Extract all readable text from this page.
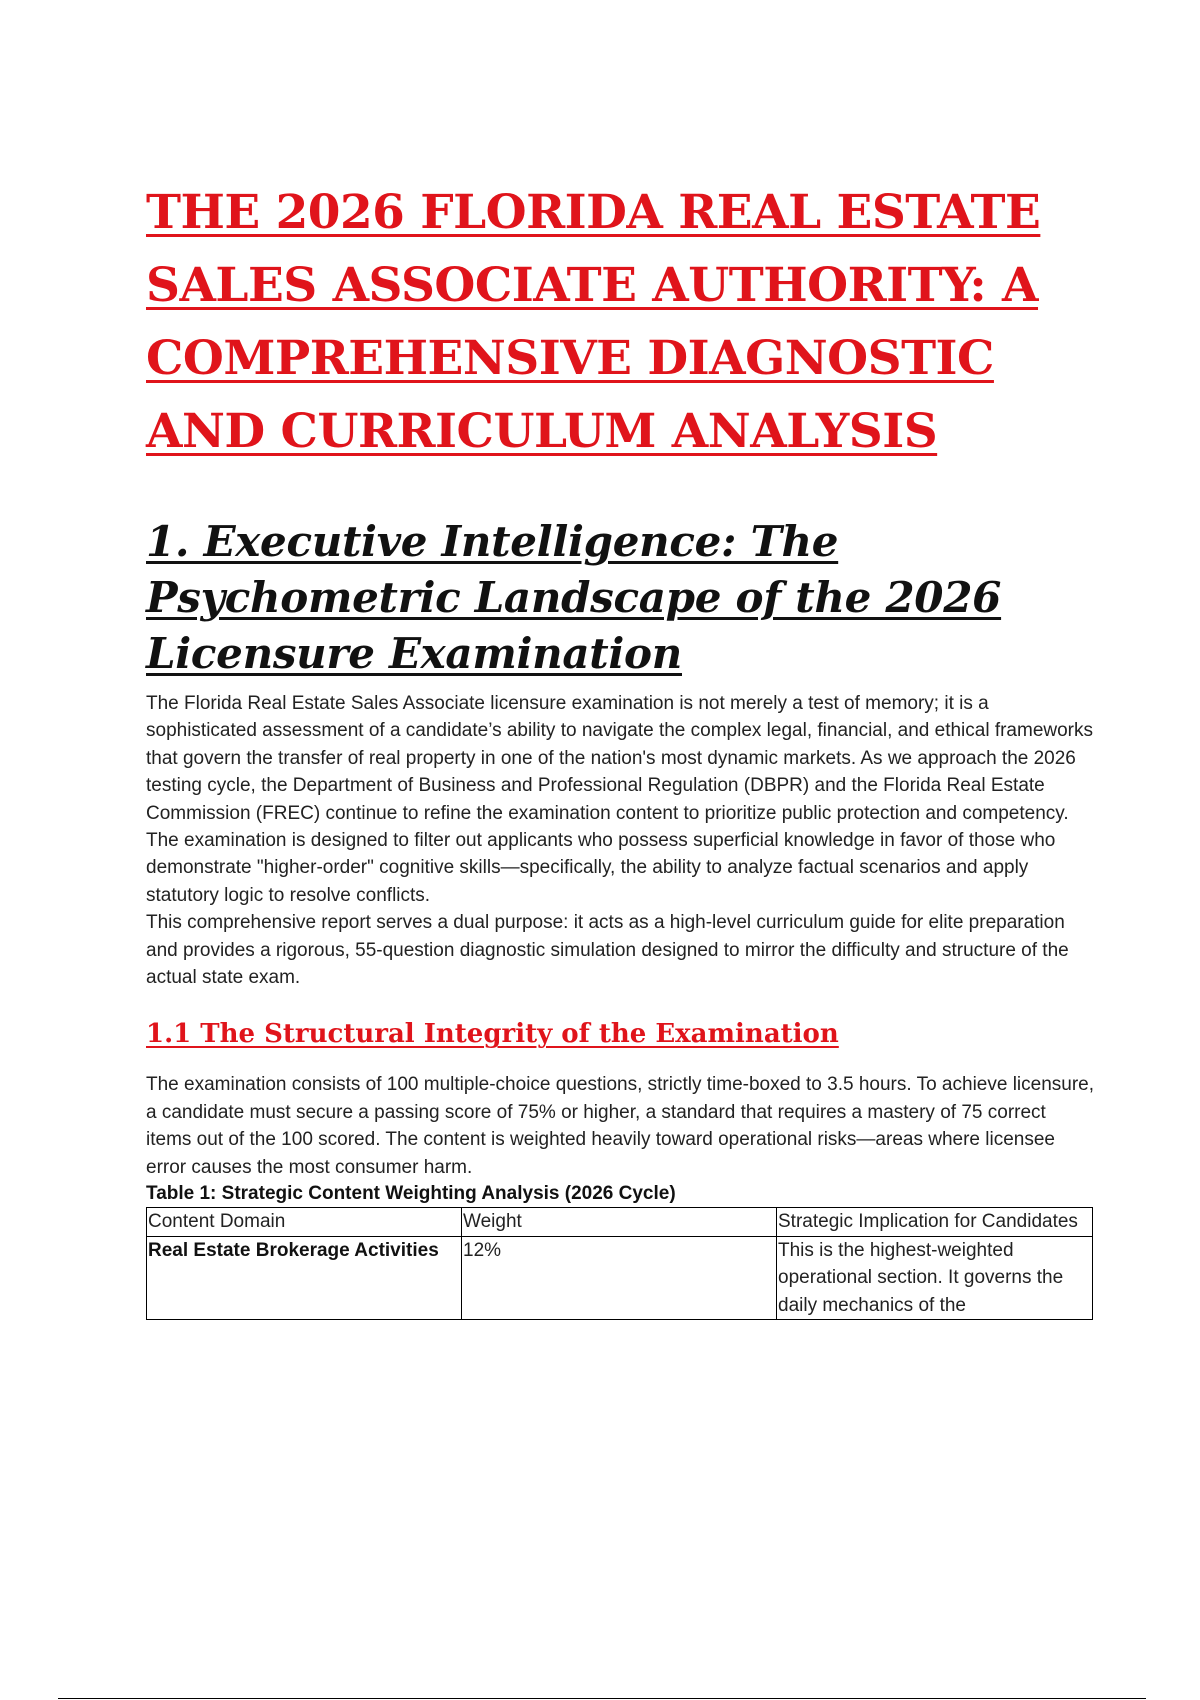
THE 2026 FLORIDA REAL ESTATE SALES ASSOCIATE AUTHORITY: A COMPREHENSIVE DIAGNOSTIC AND CURRICULUM ANALYSIS
1. Executive Intelligence: The Psychometric Landscape of the 2026 Licensure Examination

The Florida Real Estate Sales Associate licensure examination is not merely a test of memory; it is a sophisticated assessment of a candidate’s ability to navigate the complex legal, financial, and ethical frameworks that govern the transfer of real property in one of the nation's most dynamic markets. As we approach the 2026 testing cycle, the Department of Business and Professional Regulation (DBPR) and the Florida Real Estate Commission (FREC) continue to refine the examination content to prioritize public protection and competency. The examination is designed to filter out applicants who possess superficial knowledge in favor of those who demonstrate "higher-order" cognitive skills—specifically, the ability to analyze factual scenarios and apply statutory logic to resolve conflicts.

This comprehensive report serves a dual purpose: it acts as a high-level curriculum guide for elite preparation and provides a rigorous, 55-question diagnostic simulation designed to mirror the difficulty and structure of the actual state exam.

1.1 The Structural Integrity of the Examination

The examination consists of 100 multiple-choice questions, strictly time-boxed to 3.5 hours. To achieve licensure, a candidate must secure a passing score of 75% or higher, a standard that requires a mastery of 75 correct items out of the 100 scored. The content is weighted heavily toward operational risks—areas where licensee error causes the most consumer harm.

Table 1: Strategic Content Weighting Analysis (2026 Cycle)

Content Domain	Weight	Strategic Implication for Candidates
Real Estate Brokerage Activities	12%	This is the highest-weighted operational section. It governs the daily mechanics of the
